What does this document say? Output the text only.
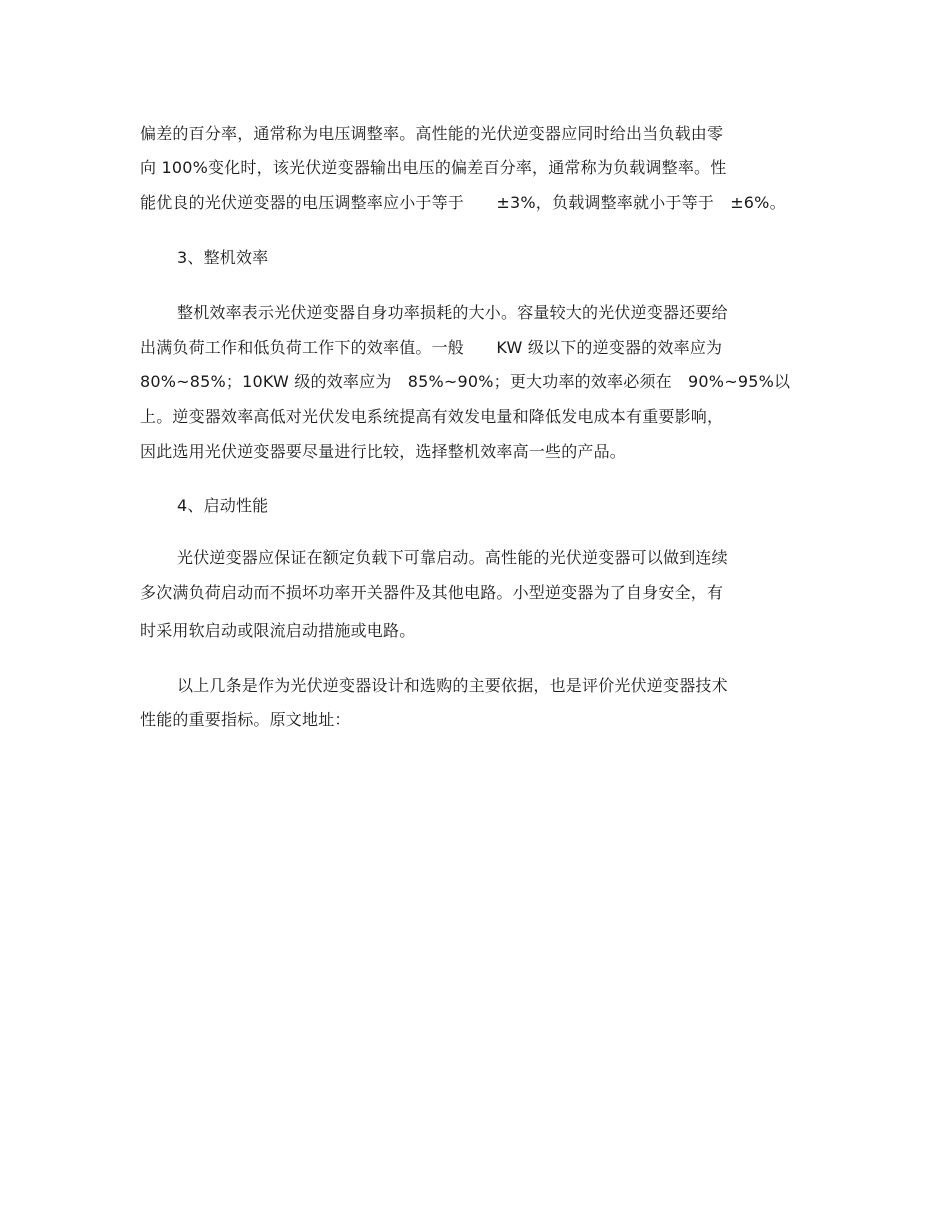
偏差的百分率，通常称为电压调整率。高性能的光伏逆变器应同时给出当负载由零
向 100%变化时，该光伏逆变器输出电压的偏差百分率，通常称为负载调整率。性
能优良的光伏逆变器的电压调整率应小于等于　　±3%，负载调整率就小于等于　±6%。
3、整机效率
整机效率表示光伏逆变器自身功率损耗的大小。容量较大的光伏逆变器还要给
出满负荷工作和低负荷工作下的效率值。一般　　KW 级以下的逆变器的效率应为
80%~85%；10KW 级的效率应为　85%~90%；更大功率的效率必须在　90%~95%以
上。逆变器效率高低对光伏发电系统提高有效发电量和降低发电成本有重要影响，
因此选用光伏逆变器要尽量进行比较，选择整机效率高一些的产品。
4、启动性能
光伏逆变器应保证在额定负载下可靠启动。高性能的光伏逆变器可以做到连续
多次满负荷启动而不损坏功率开关器件及其他电路。小型逆变器为了自身安全，有
时采用软启动或限流启动措施或电路。
以上几条是作为光伏逆变器设计和选购的主要依据，也是评价光伏逆变器技术
性能的重要指标。原文地址：
